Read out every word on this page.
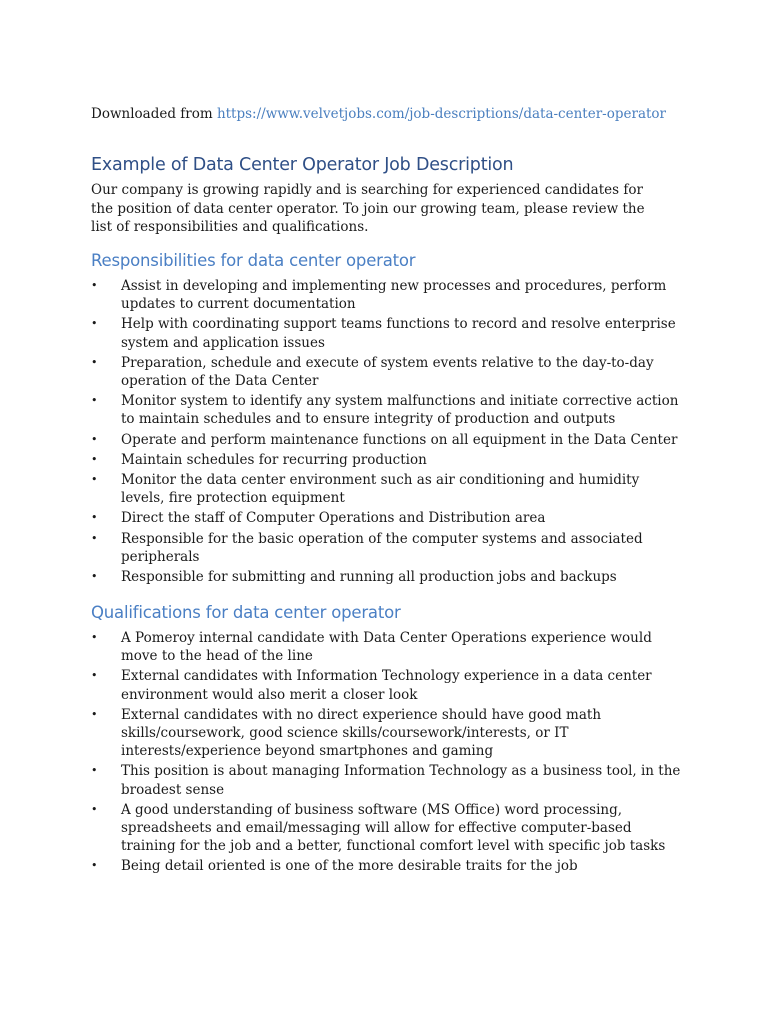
Downloaded from https://www.velvetjobs.com/job-descriptions/data-center-operator
Example of Data Center Operator Job Description

Our company is growing rapidly and is searching for experienced candidates for the position of data center operator. To join our growing team, please review the list of responsibilities and qualifications.

Responsibilities for data center operator
• Assist in developing and implementing new processes and procedures, perform updates to current documentation
• Help with coordinating support teams functions to record and resolve enterprise system and application issues
• Preparation, schedule and execute of system events relative to the day-to-day operation of the Data Center
• Monitor system to identify any system malfunctions and initiate corrective action to maintain schedules and to ensure integrity of production and outputs
• Operate and perform maintenance functions on all equipment in the Data Center
• Maintain schedules for recurring production
• Monitor the data center environment such as air conditioning and humidity levels, fire protection equipment
• Direct the staff of Computer Operations and Distribution area
• Responsible for the basic operation of the computer systems and associated peripherals
• Responsible for submitting and running all production jobs and backups
Qualifications for data center operator
• A Pomeroy internal candidate with Data Center Operations experience would move to the head of the line
• External candidates with Information Technology experience in a data center environment would also merit a closer look
• External candidates with no direct experience should have good math skills/coursework, good science skills/coursework/interests, or IT interests/experience beyond smartphones and gaming
• This position is about managing Information Technology as a business tool, in the broadest sense
• A good understanding of business software (MS Office) word processing, spreadsheets and email/messaging will allow for effective computer-based training for the job and a better, functional comfort level with specific job tasks
• Being detail oriented is one of the more desirable traits for the job
